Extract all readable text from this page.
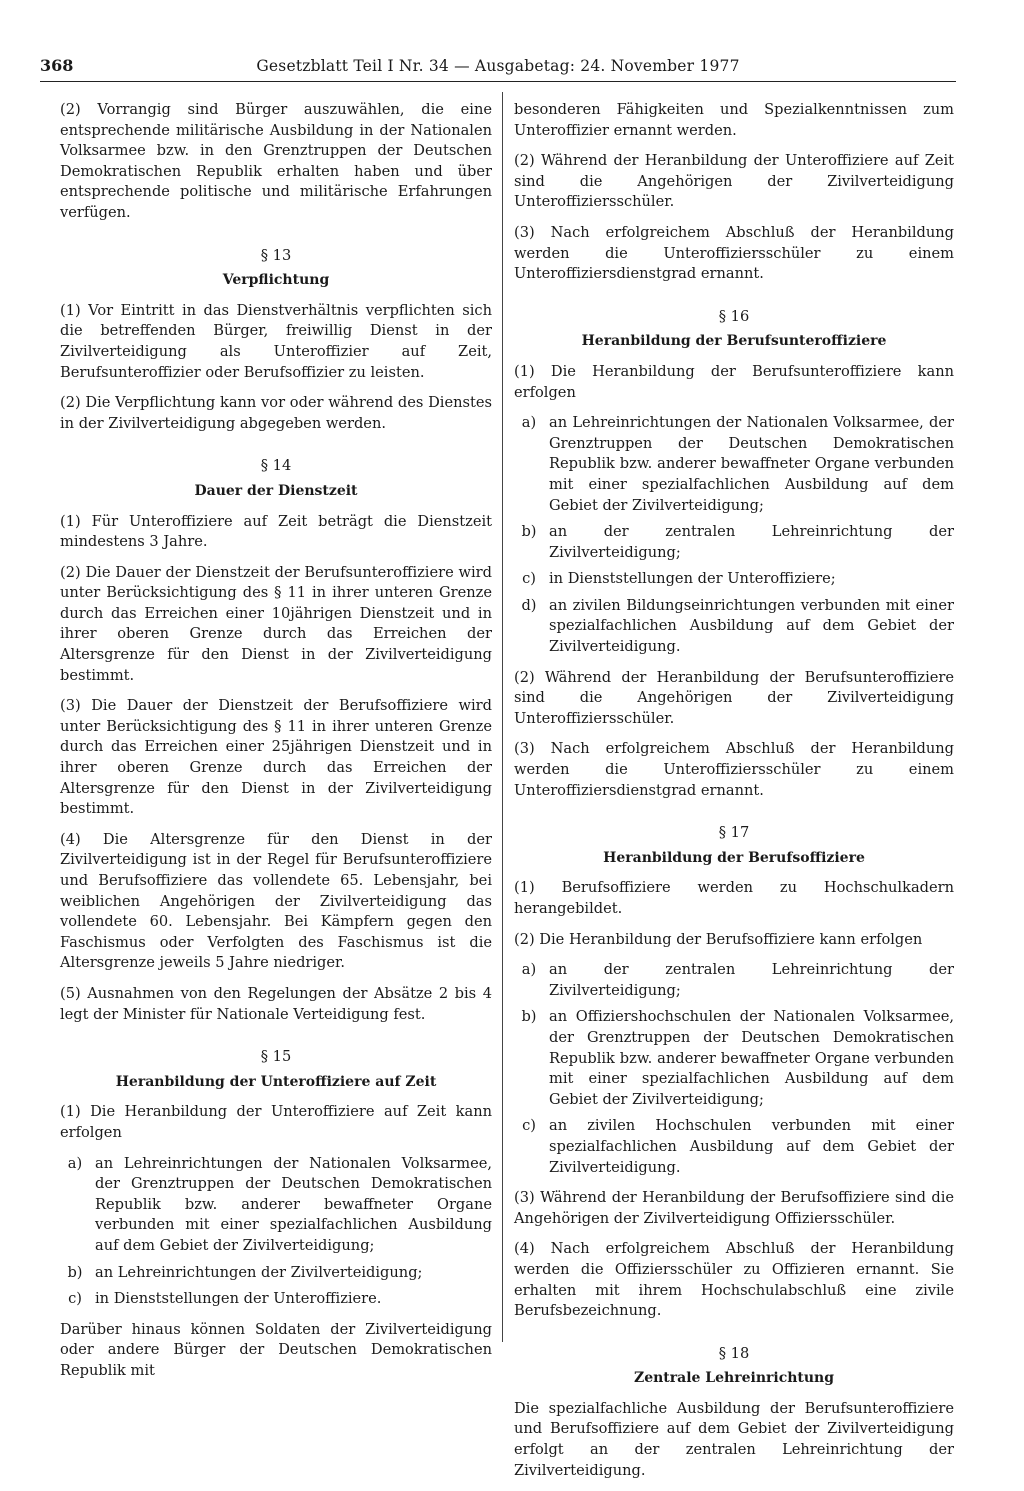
368	Gesetzblatt Teil I Nr. 34 — Ausgabetag: 24. November 1977

(2) Vorrangig sind Bürger auszuwählen, die eine entsprechende militärische Ausbildung in der Nationalen Volksarmee bzw. in den Grenztruppen der Deutschen Demokratischen Republik erhalten haben und über entsprechende politische und militärische Erfahrungen verfügen.

§ 13
Verpflichtung

(1) Vor Eintritt in das Dienstverhältnis verpflichten sich die betreffenden Bürger, freiwillig Dienst in der Zivilverteidigung als Unteroffizier auf Zeit, Berufsunteroffizier oder Berufsoffizier zu leisten.

(2) Die Verpflichtung kann vor oder während des Dienstes in der Zivilverteidigung abgegeben werden.

§ 14
Dauer der Dienstzeit

(1) Für Unteroffiziere auf Zeit beträgt die Dienstzeit mindestens 3 Jahre.

(2) Die Dauer der Dienstzeit der Berufsunteroffiziere wird unter Berücksichtigung des § 11 in ihrer unteren Grenze durch das Erreichen einer 10jährigen Dienstzeit und in ihrer oberen Grenze durch das Erreichen der Altersgrenze für den Dienst in der Zivilverteidigung bestimmt.

(3) Die Dauer der Dienstzeit der Berufsoffiziere wird unter Berücksichtigung des § 11 in ihrer unteren Grenze durch das Erreichen einer 25jährigen Dienstzeit und in ihrer oberen Grenze durch das Erreichen der Altersgrenze für den Dienst in der Zivilverteidigung bestimmt.

(4) Die Altersgrenze für den Dienst in der Zivilverteidigung ist in der Regel für Berufsunteroffiziere und Berufsoffiziere das vollendete 65. Lebensjahr, bei weiblichen Angehörigen der Zivilverteidigung das vollendete 60. Lebensjahr. Bei Kämpfern gegen den Faschismus oder Verfolgten des Faschismus ist die Altersgrenze jeweils 5 Jahre niedriger.

(5) Ausnahmen von den Regelungen der Absätze 2 bis 4 legt der Minister für Nationale Verteidigung fest.

§ 15
Heranbildung der Unteroffiziere auf Zeit

(1) Die Heranbildung der Unteroffiziere auf Zeit kann erfolgen

a) an Lehreinrichtungen der Nationalen Volksarmee, der Grenztruppen der Deutschen Demokratischen Republik bzw. anderer bewaffneter Organe verbunden mit einer spezialfachlichen Ausbildung auf dem Gebiet der Zivilverteidigung;
b) an Lehreinrichtungen der Zivilverteidigung;
c) in Dienststellungen der Unteroffiziere.

Darüber hinaus können Soldaten der Zivilverteidigung oder andere Bürger der Deutschen Demokratischen Republik mit

besonderen Fähigkeiten und Spezialkenntnissen zum Unteroffizier ernannt werden.

(2) Während der Heranbildung der Unteroffiziere auf Zeit sind die Angehörigen der Zivilverteidigung Unteroffiziersschüler.

(3) Nach erfolgreichem Abschluß der Heranbildung werden die Unteroffiziersschüler zu einem Unteroffiziersdienstgrad ernannt.

§ 16
Heranbildung der Berufsunteroffiziere

(1) Die Heranbildung der Berufsunteroffiziere kann erfolgen

a) an Lehreinrichtungen der Nationalen Volksarmee, der Grenztruppen der Deutschen Demokratischen Republik bzw. anderer bewaffneter Organe verbunden mit einer spezialfachlichen Ausbildung auf dem Gebiet der Zivilverteidigung;
b) an der zentralen Lehreinrichtung der Zivilverteidigung;
c) in Dienststellungen der Unteroffiziere;
d) an zivilen Bildungseinrichtungen verbunden mit einer spezialfachlichen Ausbildung auf dem Gebiet der Zivilverteidigung.

(2) Während der Heranbildung der Berufsunteroffiziere sind die Angehörigen der Zivilverteidigung Unteroffiziersschüler.

(3) Nach erfolgreichem Abschluß der Heranbildung werden die Unteroffiziersschüler zu einem Unteroffiziersdienstgrad ernannt.

§ 17
Heranbildung der Berufsoffiziere

(1) Berufsoffiziere werden zu Hochschulkadern herangebildet.

(2) Die Heranbildung der Berufsoffiziere kann erfolgen

a) an der zentralen Lehreinrichtung der Zivilverteidigung;
b) an Offiziershochschulen der Nationalen Volksarmee, der Grenztruppen der Deutschen Demokratischen Republik bzw. anderer bewaffneter Organe verbunden mit einer spezialfachlichen Ausbildung auf dem Gebiet der Zivilverteidigung;
c) an zivilen Hochschulen verbunden mit einer spezialfachlichen Ausbildung auf dem Gebiet der Zivilverteidigung.

(3) Während der Heranbildung der Berufsoffiziere sind die Angehörigen der Zivilverteidigung Offiziersschüler.

(4) Nach erfolgreichem Abschluß der Heranbildung werden die Offiziersschüler zu Offizieren ernannt. Sie erhalten mit ihrem Hochschulabschluß eine zivile Berufsbezeichnung.

§ 18
Zentrale Lehreinrichtung

Die spezialfachliche Ausbildung der Berufsunteroffiziere und Berufsoffiziere auf dem Gebiet der Zivilverteidigung erfolgt an der zentralen Lehreinrichtung der Zivilverteidigung.
